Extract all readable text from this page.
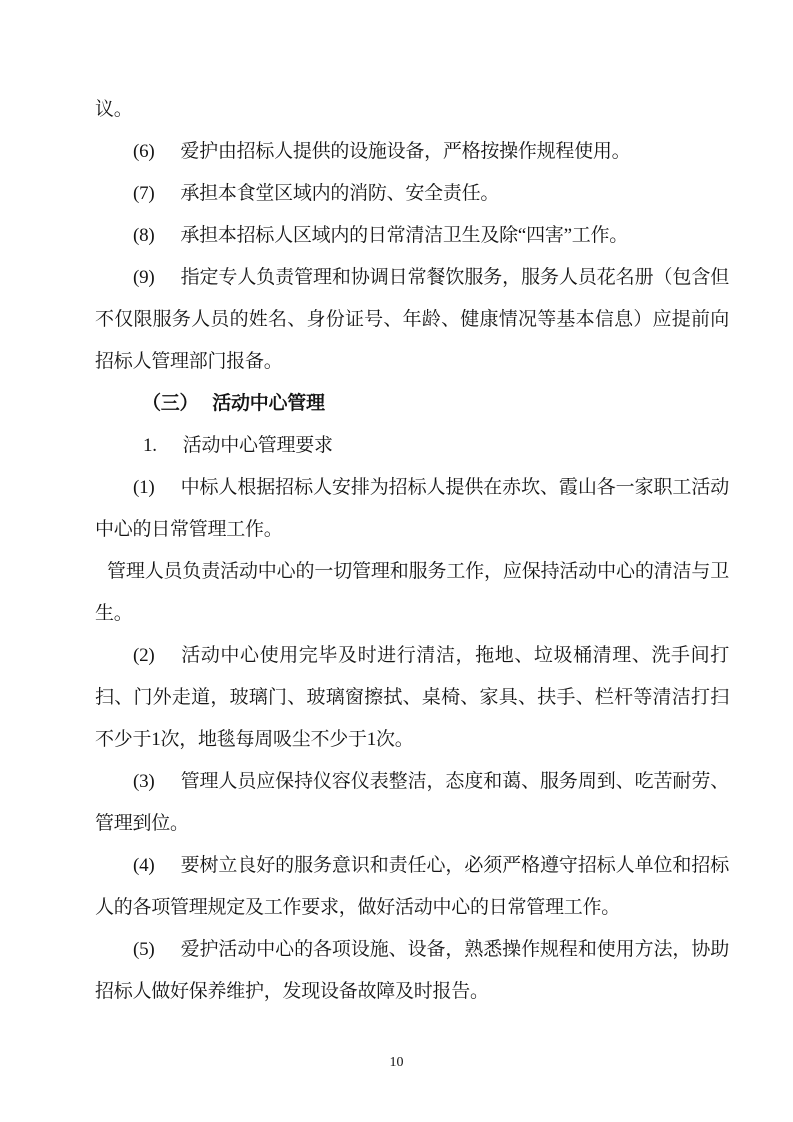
议。

(6) 爱护由招标人提供的设施设备，严格按操作规程使用。

(7) 承担本食堂区域内的消防、安全责任。

(8) 承担本招标人区域内的日常清洁卫生及除“四害”工作。

(9) 指定专人负责管理和协调日常餐饮服务，服务人员花名册（包含但不仅限服务人员的姓名、身份证号、年龄、健康情况等基本信息）应提前向招标人管理部门报备。

（三） 活动中心管理

1. 活动中心管理要求

(1) 中标人根据招标人安排为招标人提供在赤坎、霞山各一家职工活动中心的日常管理工作。

管理人员负责活动中心的一切管理和服务工作，应保持活动中心的清洁与卫生。

(2) 活动中心使用完毕及时进行清洁，拖地、垃圾桶清理、洗手间打扫、门外走道，玻璃门、玻璃窗擦拭、桌椅、家具、扶手、栏杆等清洁打扫不少于1次，地毯每周吸尘不少于1次。

(3) 管理人员应保持仪容仪表整洁，态度和蔼、服务周到、吃苦耐劳、管理到位。

(4) 要树立良好的服务意识和责任心，必须严格遵守招标人单位和招标人的各项管理规定及工作要求，做好活动中心的日常管理工作。

(5) 爱护活动中心的各项设施、设备，熟悉操作规程和使用方法，协助招标人做好保养维护，发现设备故障及时报告。

10
